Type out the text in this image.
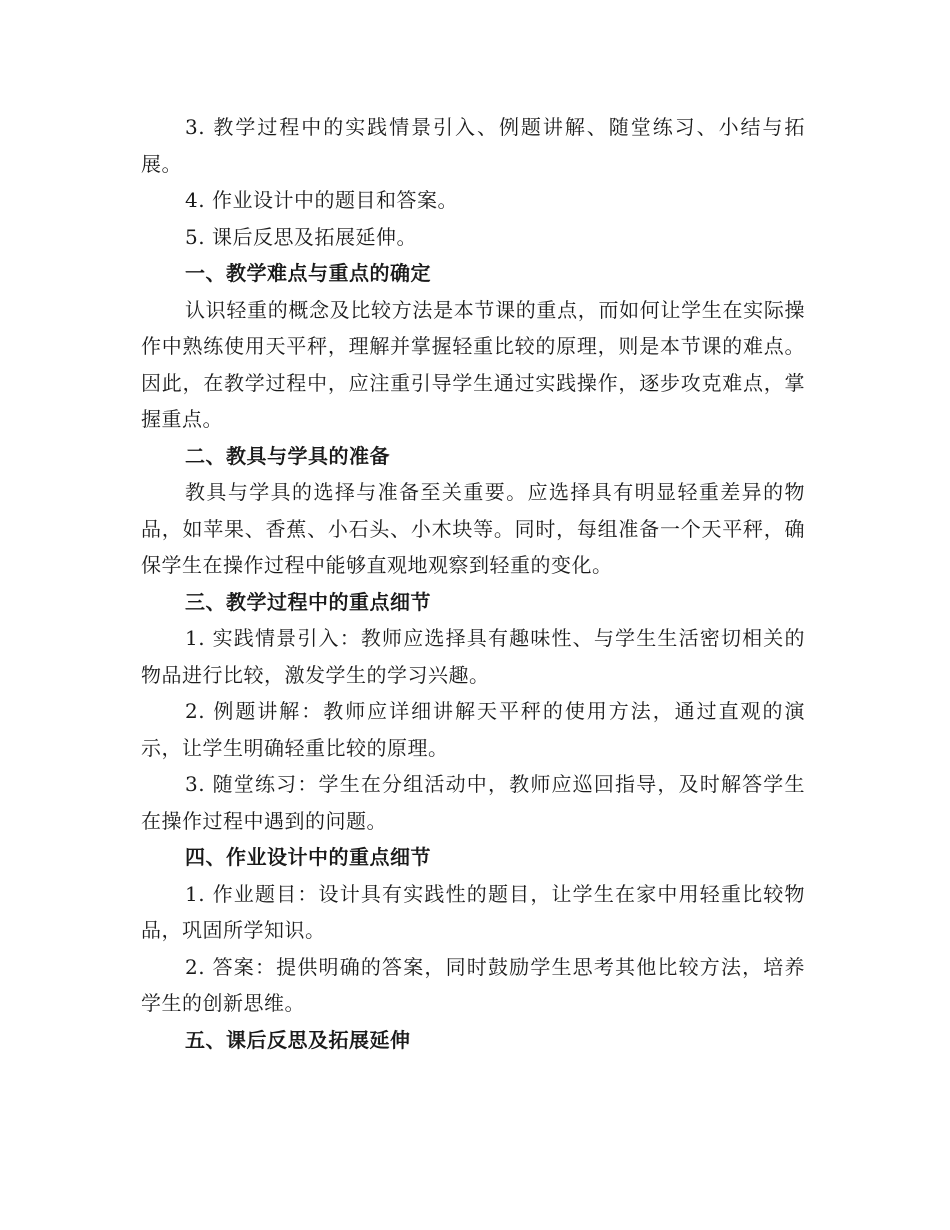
3. 教学过程中的实践情景引入、例题讲解、随堂练习、小结与拓展。

4. 作业设计中的题目和答案。

5. 课后反思及拓展延伸。

一、教学难点与重点的确定

认识轻重的概念及比较方法是本节课的重点，而如何让学生在实际操作中熟练使用天平秤，理解并掌握轻重比较的原理，则是本节课的难点。因此，在教学过程中，应注重引导学生通过实践操作，逐步攻克难点，掌握重点。

二、教具与学具的准备

教具与学具的选择与准备至关重要。应选择具有明显轻重差异的物品，如苹果、香蕉、小石头、小木块等。同时，每组准备一个天平秤，确保学生在操作过程中能够直观地观察到轻重的变化。

三、教学过程中的重点细节

1. 实践情景引入：教师应选择具有趣味性、与学生生活密切相关的物品进行比较，激发学生的学习兴趣。

2. 例题讲解：教师应详细讲解天平秤的使用方法，通过直观的演示，让学生明确轻重比较的原理。

3. 随堂练习：学生在分组活动中，教师应巡回指导，及时解答学生在操作过程中遇到的问题。

四、作业设计中的重点细节

1. 作业题目：设计具有实践性的题目，让学生在家中用轻重比较物品，巩固所学知识。

2. 答案：提供明确的答案，同时鼓励学生思考其他比较方法，培养学生的创新思维。

五、课后反思及拓展延伸
